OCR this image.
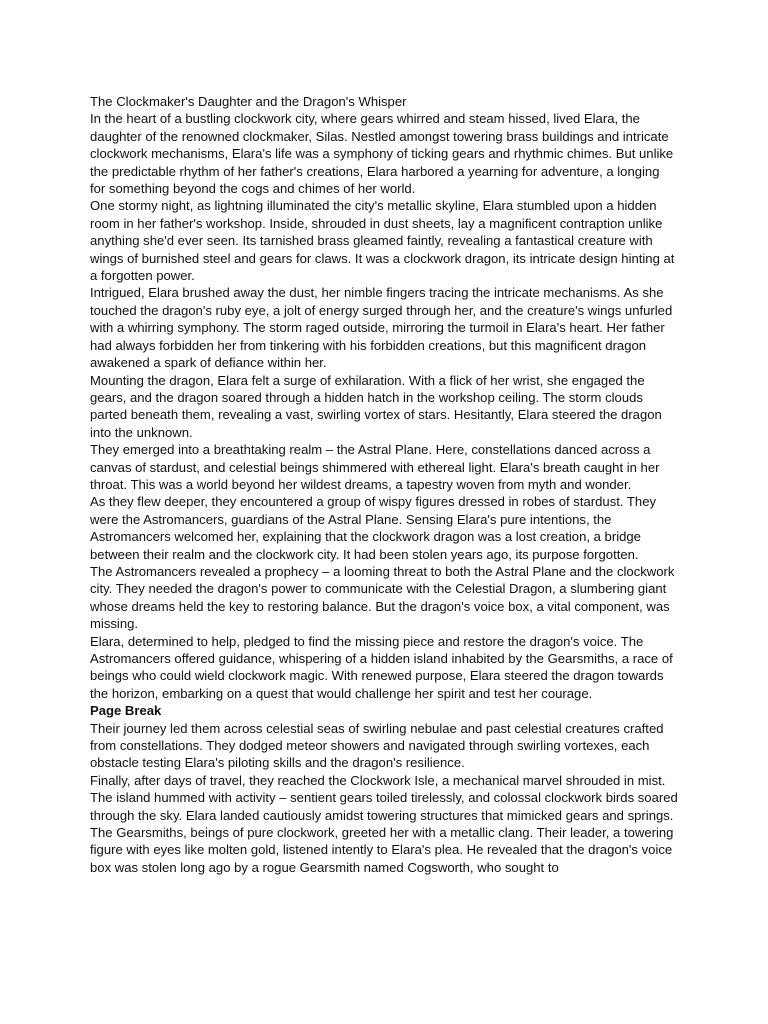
The Clockmaker's Daughter and the Dragon's Whisper

In the heart of a bustling clockwork city, where gears whirred and steam hissed, lived Elara, the daughter of the renowned clockmaker, Silas. Nestled amongst towering brass buildings and intricate clockwork mechanisms, Elara's life was a symphony of ticking gears and rhythmic chimes. But unlike the predictable rhythm of her father's creations, Elara harbored a yearning for adventure, a longing for something beyond the cogs and chimes of her world.

One stormy night, as lightning illuminated the city's metallic skyline, Elara stumbled upon a hidden room in her father's workshop. Inside, shrouded in dust sheets, lay a magnificent contraption unlike anything she'd ever seen. Its tarnished brass gleamed faintly, revealing a fantastical creature with wings of burnished steel and gears for claws. It was a clockwork dragon, its intricate design hinting at a forgotten power.

Intrigued, Elara brushed away the dust, her nimble fingers tracing the intricate mechanisms. As she touched the dragon's ruby eye, a jolt of energy surged through her, and the creature's wings unfurled with a whirring symphony. The storm raged outside, mirroring the turmoil in Elara's heart. Her father had always forbidden her from tinkering with his forbidden creations, but this magnificent dragon awakened a spark of defiance within her.

Mounting the dragon, Elara felt a surge of exhilaration. With a flick of her wrist, she engaged the gears, and the dragon soared through a hidden hatch in the workshop ceiling. The storm clouds parted beneath them, revealing a vast, swirling vortex of stars. Hesitantly, Elara steered the dragon into the unknown.

They emerged into a breathtaking realm – the Astral Plane. Here, constellations danced across a canvas of stardust, and celestial beings shimmered with ethereal light. Elara's breath caught in her throat. This was a world beyond her wildest dreams, a tapestry woven from myth and wonder.

As they flew deeper, they encountered a group of wispy figures dressed in robes of stardust. They were the Astromancers, guardians of the Astral Plane. Sensing Elara's pure intentions, the Astromancers welcomed her, explaining that the clockwork dragon was a lost creation, a bridge between their realm and the clockwork city. It had been stolen years ago, its purpose forgotten.

The Astromancers revealed a prophecy – a looming threat to both the Astral Plane and the clockwork city. They needed the dragon's power to communicate with the Celestial Dragon, a slumbering giant whose dreams held the key to restoring balance. But the dragon's voice box, a vital component, was missing.

Elara, determined to help, pledged to find the missing piece and restore the dragon's voice. The Astromancers offered guidance, whispering of a hidden island inhabited by the Gearsmiths, a race of beings who could wield clockwork magic. With renewed purpose, Elara steered the dragon towards the horizon, embarking on a quest that would challenge her spirit and test her courage.

Page Break

Their journey led them across celestial seas of swirling nebulae and past celestial creatures crafted from constellations. They dodged meteor showers and navigated through swirling vortexes, each obstacle testing Elara's piloting skills and the dragon's resilience.

Finally, after days of travel, they reached the Clockwork Isle, a mechanical marvel shrouded in mist. The island hummed with activity – sentient gears toiled tirelessly, and colossal clockwork birds soared through the sky. Elara landed cautiously amidst towering structures that mimicked gears and springs.

The Gearsmiths, beings of pure clockwork, greeted her with a metallic clang. Their leader, a towering figure with eyes like molten gold, listened intently to Elara's plea. He revealed that the dragon's voice box was stolen long ago by a rogue Gearsmith named Cogsworth, who sought to
